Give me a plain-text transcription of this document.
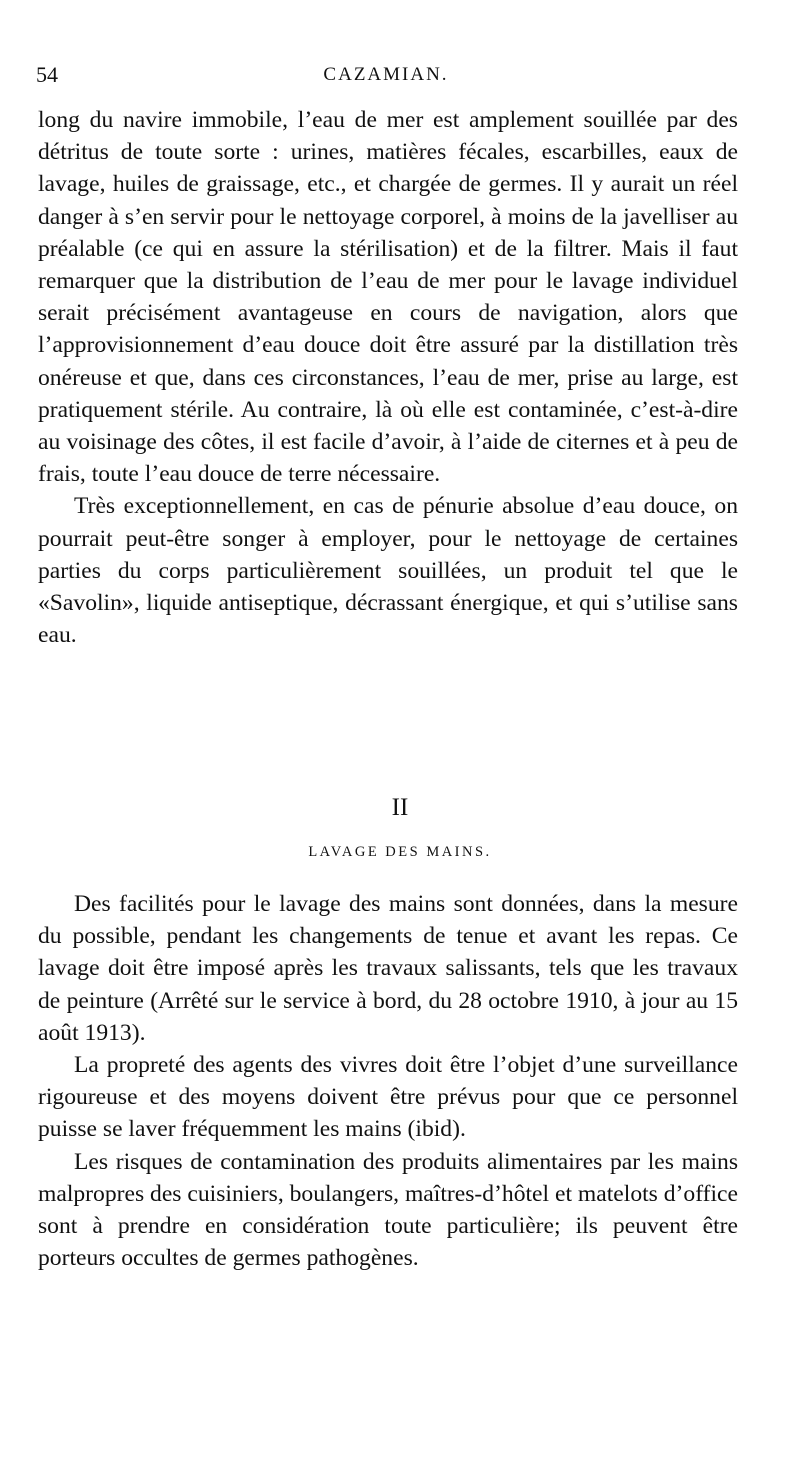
54	CAZAMIAN.

long du navire immobile, l’eau de mer est amplement souillée par des détritus de toute sorte : urines, matières fécales, escarbilles, eaux de lavage, huiles de graissage, etc., et chargée de germes. Il y aurait un réel danger à s’en servir pour le nettoyage corporel, à moins de la javelliser au préalable (ce qui en assure la stérilisation) et de la filtrer. Mais il faut remarquer que la distribution de l’eau de mer pour le lavage individuel serait précisément avantageuse en cours de navigation, alors que l’approvisionnement d’eau douce doit être assuré par la distillation très onéreuse et que, dans ces circonstances, l’eau de mer, prise au large, est pratiquement stérile. Au contraire, là où elle est contaminée, c’est-à-dire au voisinage des côtes, il est facile d’avoir, à l’aide de citernes et à peu de frais, toute l’eau douce de terre nécessaire.

Très exceptionnellement, en cas de pénurie absolue d’eau douce, on pourrait peut-être songer à employer, pour le nettoyage de certaines parties du corps particulièrement souillées, un produit tel que le «Savolin», liquide antiseptique, décrassant énergique, et qui s’utilise sans eau.

II
LAVAGE DES MAINS.

Des facilités pour le lavage des mains sont données, dans la mesure du possible, pendant les changements de tenue et avant les repas. Ce lavage doit être imposé après les travaux salissants, tels que les travaux de peinture (Arrêté sur le service à bord, du 28 octobre 1910, à jour au 15 août 1913).

La propreté des agents des vivres doit être l’objet d’une surveillance rigoureuse et des moyens doivent être prévus pour que ce personnel puisse se laver fréquemment les mains (ibid).

Les risques de contamination des produits alimentaires par les mains malpropres des cuisiniers, boulangers, maîtres-d’hôtel et matelots d’office sont à prendre en considération toute particulière; ils peuvent être porteurs occultes de germes pathogènes.
